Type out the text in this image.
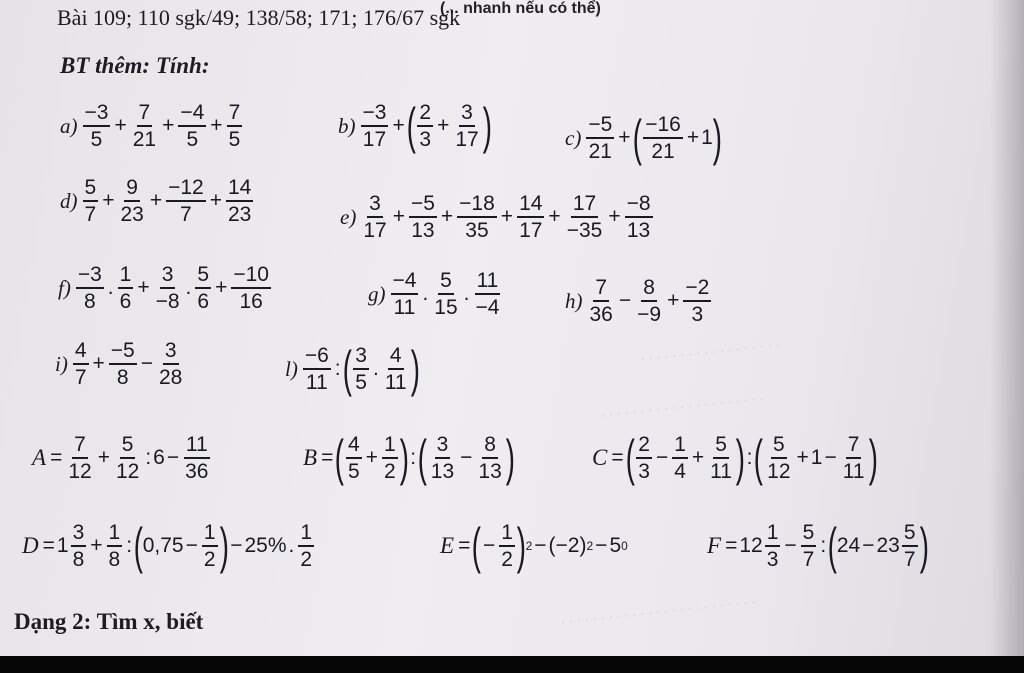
. . . . . . . . . . . . . . . . . .
. . . . . . . . . . . . . . . . . . . . .
. . . . . . . . . . . . . . . . . . . . . . . . .
(... nhanh nếu có thể)
Bài 109; 110 sgk/49; 138/58; 171; 176/67 sgk
BT thêm: Tính:
$a) \frac{-3}{5} + \frac{7}{21} + \frac{-4}{5} + \frac{7}{5}$	$b) \frac{-3}{17}$ + ( $\frac{2}{3} + \frac{3}{17}$ )	$c) \frac{-5}{21}$ + ( $\frac{-16}{21} + 1$ )
$d) \frac{5}{7} + \frac{9}{23} + \frac{-12}{7} + \frac{14}{23}$	$e) \frac{3}{17} + \frac{-5}{13} + \frac{-18}{35} + \frac{14}{17} + \frac{17}{-35} + \frac{-8}{13}$
$f) \frac{-3}{8}$ . $\frac{1}{6} + \frac{3}{-8}$ . $\frac{5}{6} + \frac{-10}{16}$	$g) \frac{-4}{11}$ . $\frac{5}{15}$ . $\frac{11}{-4}$	$h) \frac{7}{36} - \frac{8}{-9} + \frac{-2}{3}$
$i) \frac{4}{7} + \frac{-5}{8} - \frac{3}{28}$	$l) \frac{-6}{11}$ : ( $\frac{3}{5}$ . $\frac{4}{11}$ )
$A = \frac{7}{12} + \frac{5}{12}$ : $6 - \frac{11}{36}$	B = ( $\frac{4}{5} + \frac{1}{2}$ ) : ( $\frac{3}{13} - \frac{8}{13}$ )	C = ( $\frac{2}{3} - \frac{1}{4} + \frac{5}{11}$ ) : ( $\frac{5}{12} + 1 - \frac{7}{11}$ )
$D = 1 \frac{3}{8} + \frac{1}{8}$ : ( $0,75 - \frac{1}{2}$ ) − 25% . $\frac{1}{2}$	E = ( − $\frac{1}{2}$ ) 2 − (−2) 2 − 5 0	$F = 12 \frac{1}{3} - \frac{5}{7}$ : ( $24 - 23 \frac{5}{7}$ )
Dạng 2: Tìm x, biết
